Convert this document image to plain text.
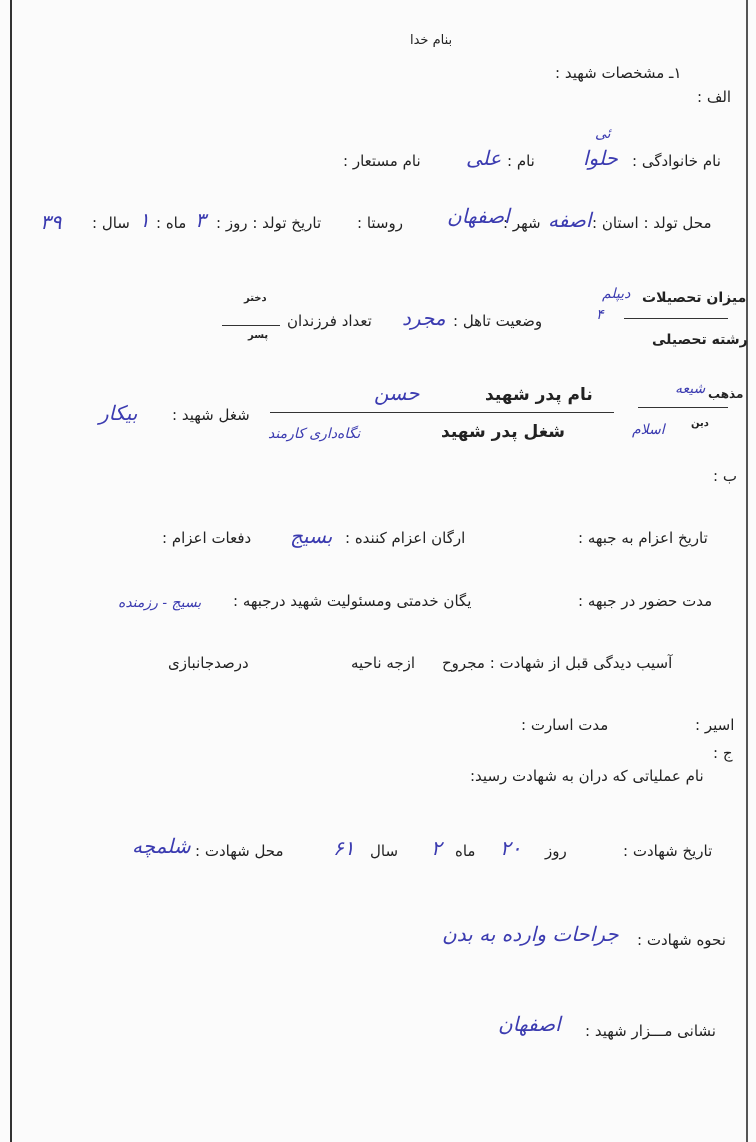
بنام خدا
۱ـ مشخصات شهید :
الف :
نام خانوادگی :
حلوا
ئی
نام :
علی
نام مستعار :
محل تولد : استان :
اصفه
شهر :
اصفهان
روستا :
تاریخ تولد : روز :
۳
ماه :
۱
سال :
۳۹
میزان تحصیلات
دیپلم
۴
رشته تحصیلی
وضعیت تاهل :
مجرد
تعداد فرزندان
دختر
پسر
مذهب
شیعه
دین
اسلام
نام پدر شهید
حسن
شغل پدر شهید
نگاه‌داری کارمند
شغل شهید :
بیکار
ب :
تاریخ اعزام به جبهه :
ارگان اعزام کننده :
بسیج
دفعات اعزام :
مدت حضور در جبهه :
یگان خدمتی ومسئولیت شهید درجبهه :
بسیج - رزمنده
آسیب دیدگی قبل از شهادت : مجروح
ازجه ناحیه
درصدجانبازی
اسیر :
مدت اسارت :
ج :
نام عملیاتی که دران به شهادت رسید:
تاریخ شهادت :
روز
۲۰
ماه
۲
سال
۶۱
محل شهادت :
شلمچه
نحوه شهادت :
جراحات وارده به بدن
نشانی مـــزار شهید :
اصفهان
